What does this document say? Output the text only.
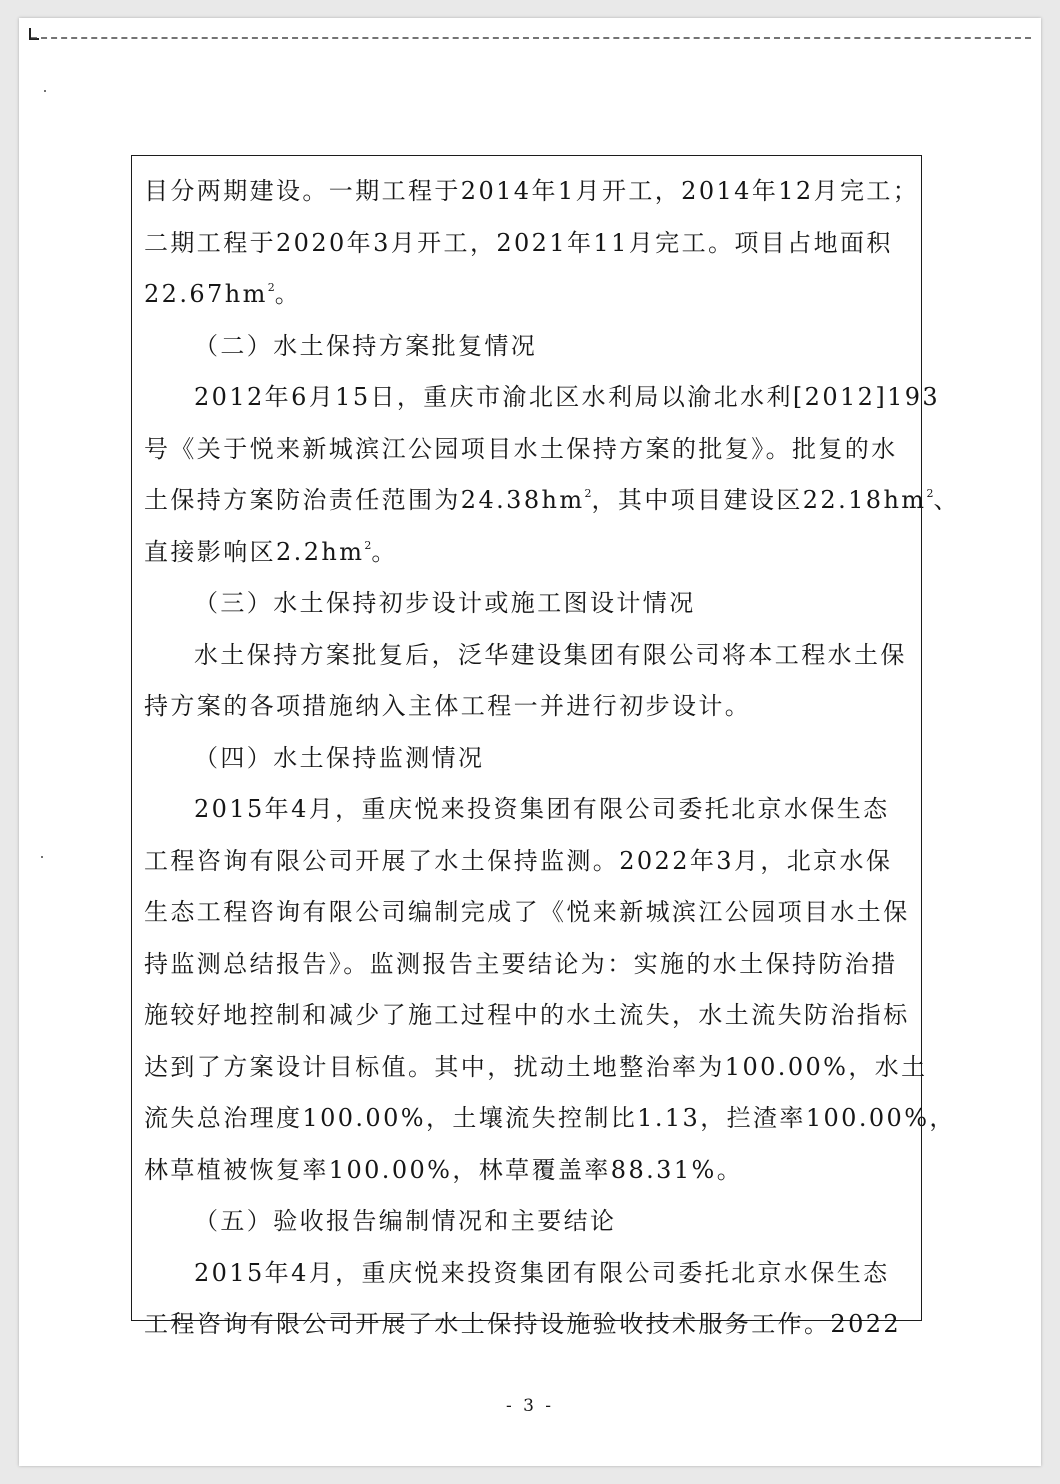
目分两期建设。一期工程于2014年1月开工，2014年12月完工；
二期工程于2020年3月开工，2021年11月完工。项目占地面积
$22.67hm^2$。
（二）水土保持方案批复情况
2012年6月15日，重庆市渝北区水利局以渝北水利[2012]193
号《关于悦来新城滨江公园项目水土保持方案的批复》。批复的水
土保持方案防治责任范围为$24.38hm^2$，其中项目建设区$22.18hm^2$、
直接影响区$2.2hm^2$。
（三）水土保持初步设计或施工图设计情况
水土保持方案批复后，泛华建设集团有限公司将本工程水土保
持方案的各项措施纳入主体工程一并进行初步设计。
（四）水土保持监测情况
2015年4月，重庆悦来投资集团有限公司委托北京水保生态
工程咨询有限公司开展了水土保持监测。2022年3月，北京水保
生态工程咨询有限公司编制完成了《悦来新城滨江公园项目水土保
持监测总结报告》。监测报告主要结论为：实施的水土保持防治措
施较好地控制和减少了施工过程中的水土流失，水土流失防治指标
达到了方案设计目标值。其中，扰动土地整治率为100.00%，水土
流失总治理度100.00%，土壤流失控制比1.13，拦渣率100.00%，
林草植被恢复率100.00%，林草覆盖率88.31%。
（五）验收报告编制情况和主要结论
2015年4月，重庆悦来投资集团有限公司委托北京水保生态
工程咨询有限公司开展了水土保持设施验收技术服务工作。2022
- 3 -
